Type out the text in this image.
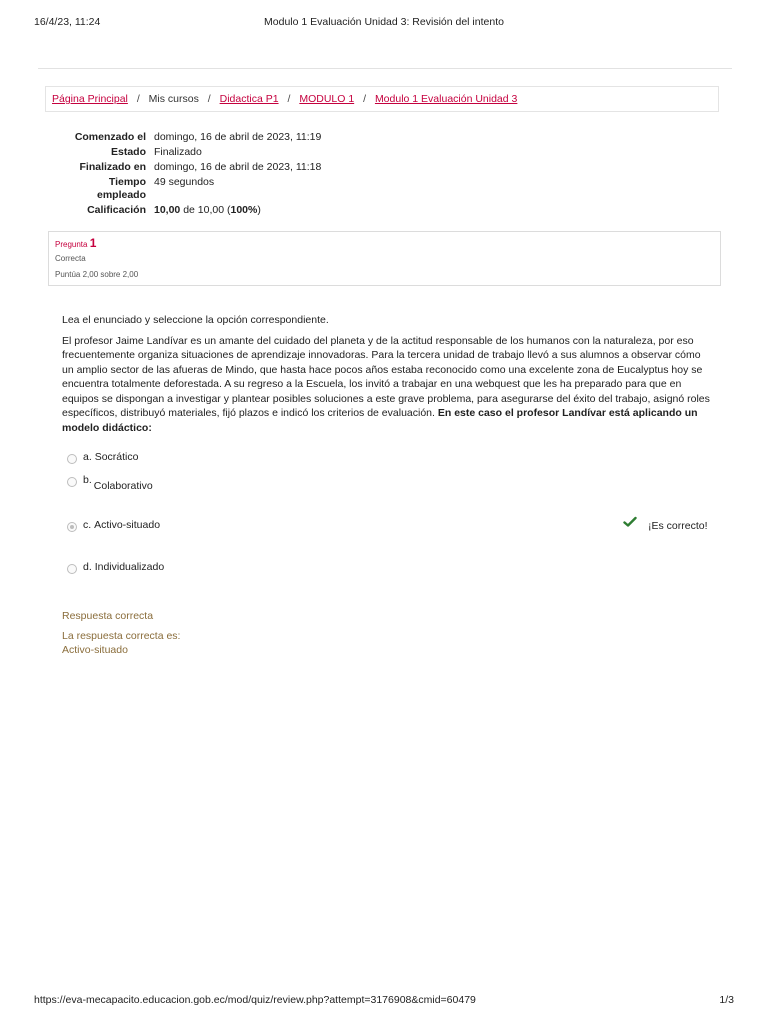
16/4/23, 11:24	Modulo 1 Evaluación Unidad 3: Revisión del intento
Página Principal / Mis cursos / Didactica P1 / MODULO 1 / Modulo 1 Evaluación Unidad 3
Comenzado el	domingo, 16 de abril de 2023, 11:19
Estado	Finalizado
Finalizado en	domingo, 16 de abril de 2023, 11:18
Tiempo empleado	49 segundos
Calificación	10,00 de 10,00 (100%)
Pregunta 1
Correcta
Puntúa 2,00 sobre 2,00

Lea el enunciado y seleccione la opción correspondiente.

El profesor Jaime Landívar es un amante del cuidado del planeta y de la actitud responsable de los humanos con la naturaleza, por eso frecuentemente organiza situaciones de aprendizaje innovadoras. Para la tercera unidad de trabajo llevó a sus alumnos a observar cómo un amplio sector de las afueras de Mindo, que hasta hace pocos años estaba reconocido como una excelente zona de Eucalyptus hoy se encuentra totalmente deforestada. A su regreso a la Escuela, los invitó a trabajar en una webquest que les ha preparado para que en equipos se dispongan a investigar y plantear posibles soluciones a este grave problema, para asegurarse del éxito del trabajo, asignó roles específicos, distribuyó materiales, fijó plazos e indicó los criterios de evaluación. En este caso el profesor Landívar está aplicando un modelo didáctico:

a.
Socrático
b. Colaborativo
c.
Activo-situado
d.
Individualizado
¡Es correcto!
Respuesta correcta
La respuesta correcta es:
Activo-situado
https://eva-mecapacito.educacion.gob.ec/mod/quiz/review.php?attempt=3176908&cmid=60479	1/3
